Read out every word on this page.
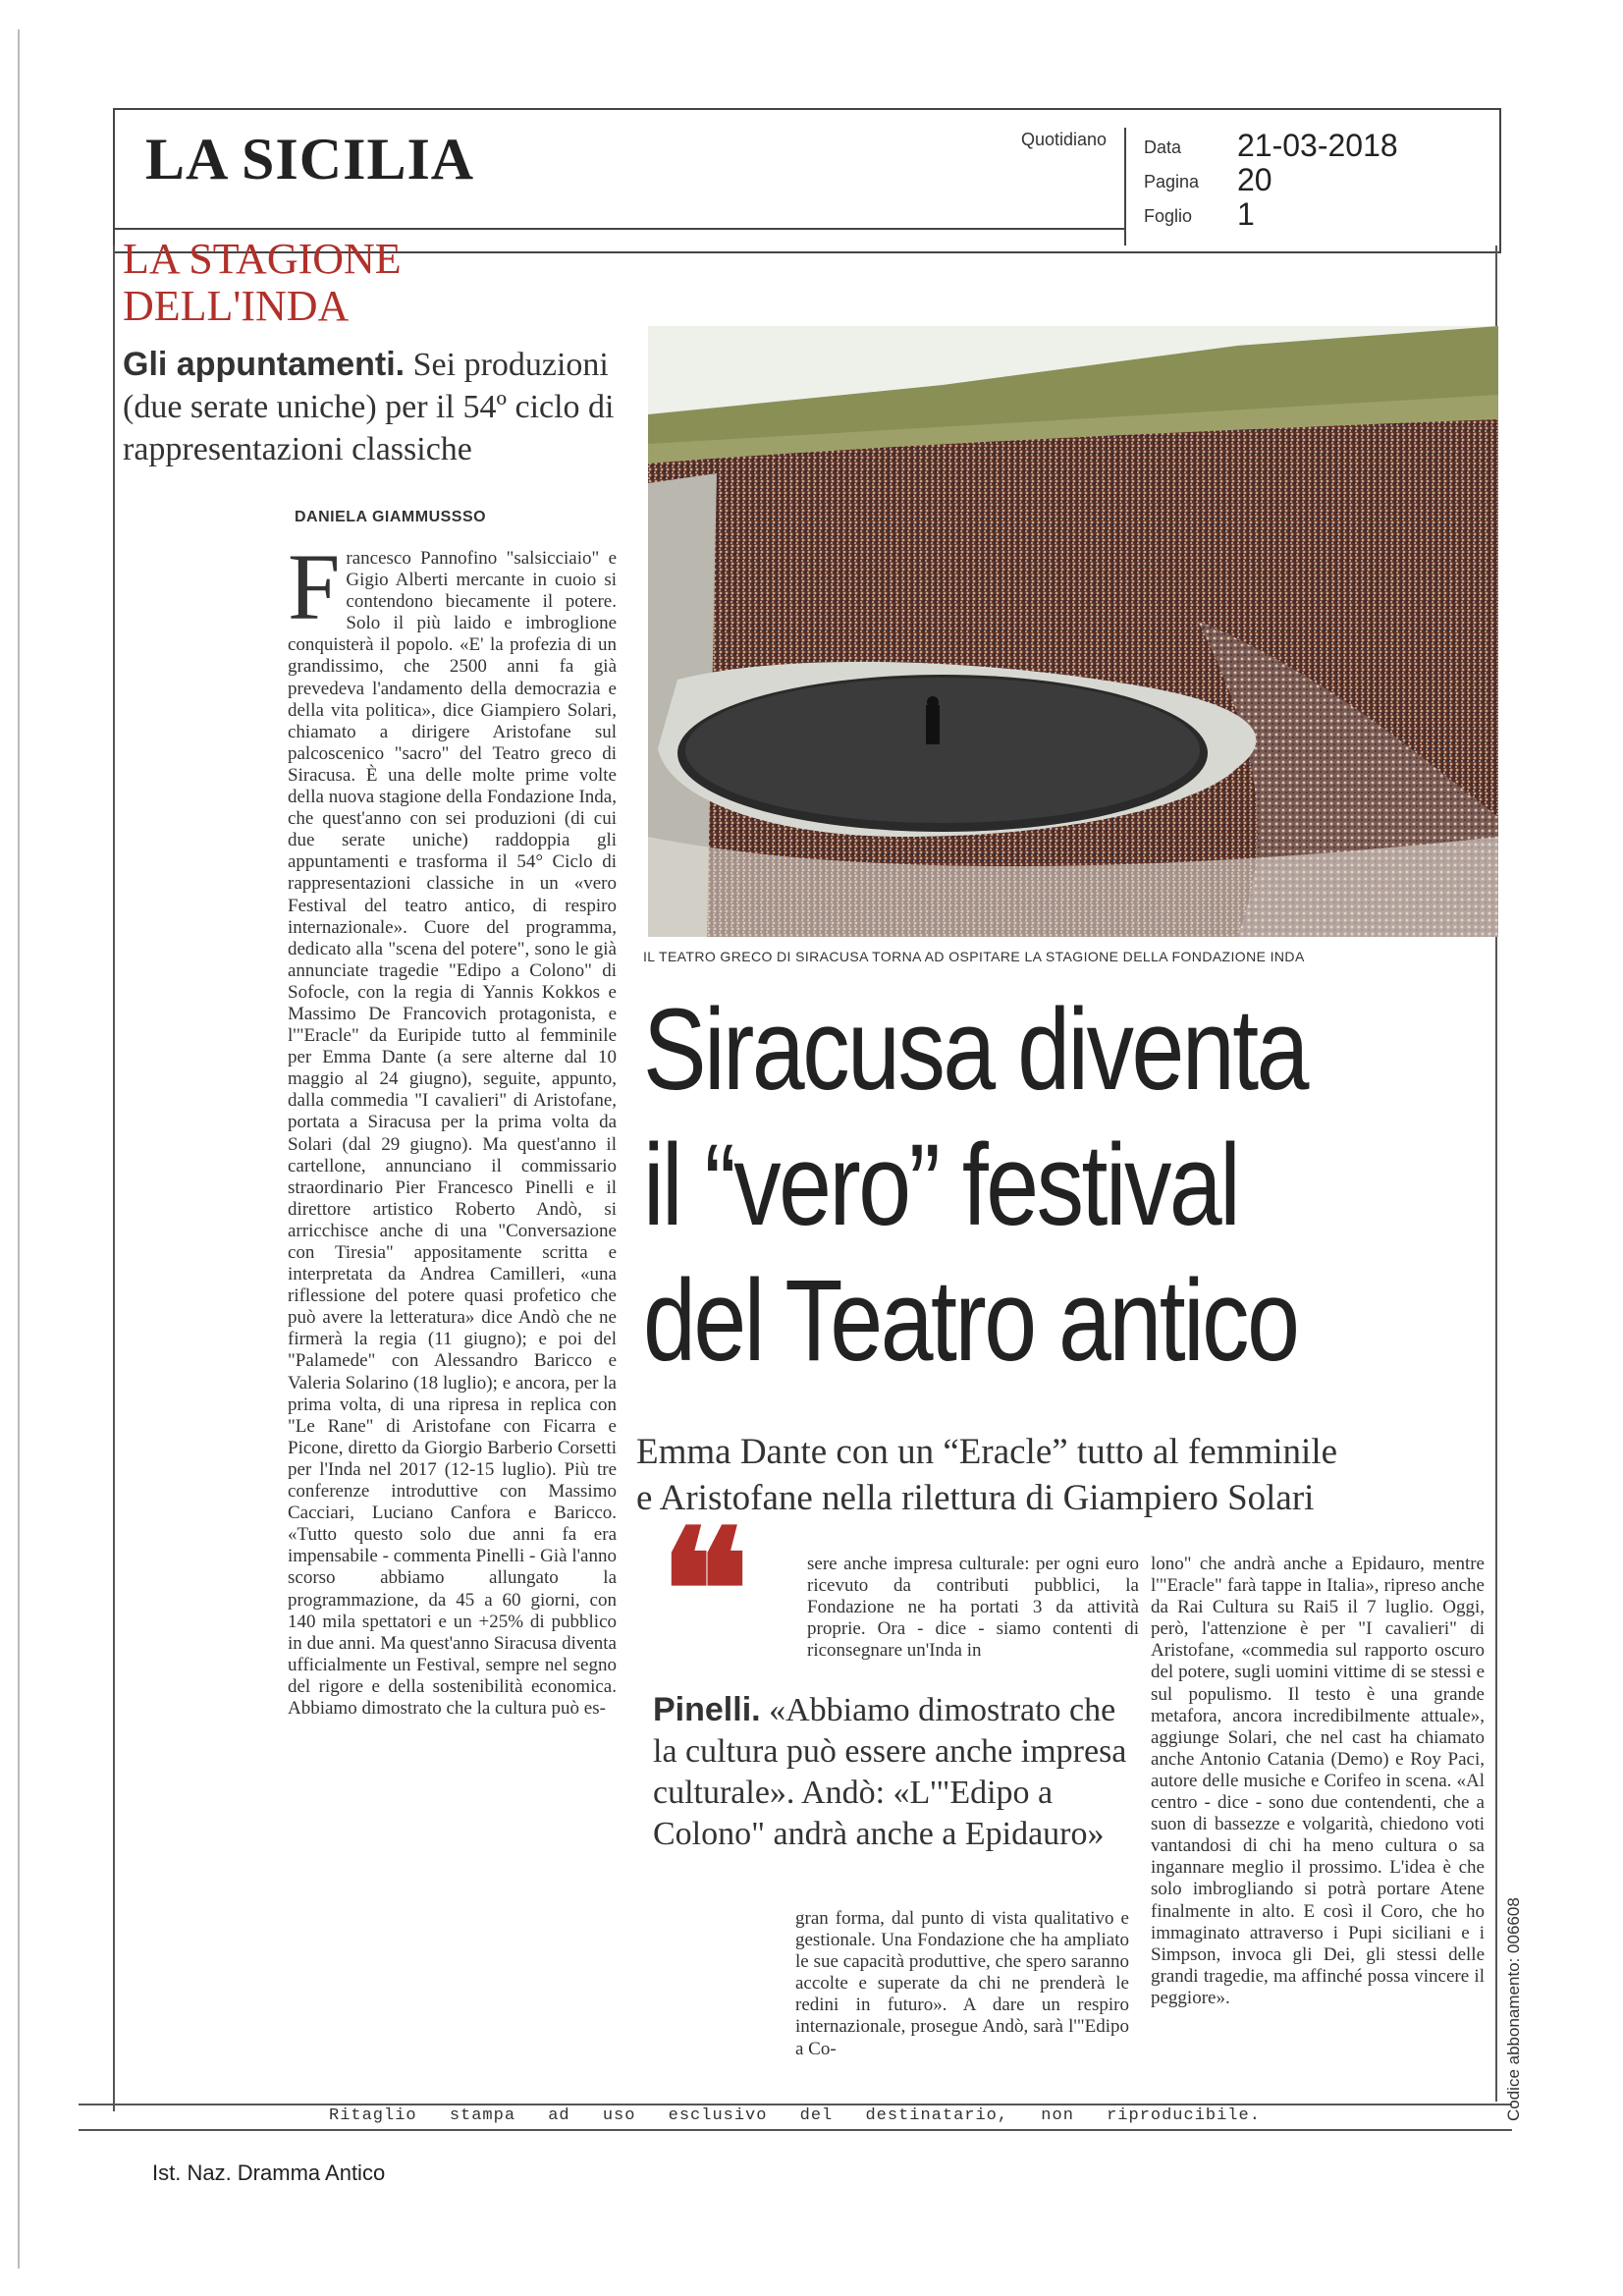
LA SICILIA	Quotidiano Data 21-03-2018
Pagina 20
Foglio 1
LA STAGIONE
DELL'INDA
Gli appuntamenti. Sei produzioni (due serate uniche) per il 54º ciclo di rappresentazioni classiche
DANIELA GIAMMUSSSO
F rancesco Pannofino "salsicciaio" e Gigio Alberti mercante in cuoio si contendono biecamente il potere. Solo il più laido e imbroglione conquisterà il popolo. «E' la profezia di un grandissimo, che 2500 anni fa già prevedeva l'andamento della democrazia e della vita politica», dice Giampiero Solari, chiamato a dirigere Aristofane sul palcoscenico "sacro" del Teatro greco di Siracusa. È una delle molte prime volte della nuova stagione della Fondazione Inda, che quest'anno con sei produzioni (di cui due serate uniche) raddoppia gli appuntamenti e trasforma il 54° Ciclo di rappresentazioni classiche in un «vero Festival del teatro antico, di respiro internazionale». Cuore del programma, dedicato alla "scena del potere", sono le già annunciate tragedie "Edipo a Colono" di Sofocle, con la regia di Yannis Kokkos e Massimo De Francovich protagonista, e l'"Eracle" da Euripide tutto al femminile per Emma Dante (a sere alterne dal 10 maggio al 24 giugno), seguite, appunto, dalla commedia "I cavalieri" di Aristofane, portata a Siracusa per la prima volta da Solari (dal 29 giugno). Ma quest'anno il cartellone, annunciano il commissario straordinario Pier Francesco Pinelli e il direttore artistico Roberto Andò, si arricchisce anche di una "Conversazione con Tiresia" appositamente scritta e interpretata da Andrea Camilleri, «una riflessione del potere quasi profetico che può avere la letteratura» dice Andò che ne firmerà la regia (11 giugno); e poi del "Palamede" con Alessandro Baricco e Valeria Solarino (18 luglio); e ancora, per la prima volta, di una ripresa in replica con "Le Rane" di Aristofane con Ficarra e Picone, diretto da Giorgio Barberio Corsetti per l'Inda nel 2017 (12-15 luglio). Più tre conferenze introduttive con Massimo Cacciari, Luciano Canfora e Baricco. «Tutto questo solo due anni fa era impensabile - commenta Pinelli - Già l'anno scorso abbiamo allungato la programmazione, da 45 a 60 giorni, con 140 mila spettatori e un +25% di pubblico in due anni. Ma quest'anno Siracusa diventa ufficialmente un Festival, sempre nel segno del rigore e della sostenibilità economica. Abbiamo dimostrato che la cultura può es-
IL TEATRO GRECO DI SIRACUSA TORNA AD OSPITARE LA STAGIONE DELLA FONDAZIONE INDA
Siracusa diventa
il “vero” festival
del Teatro antico
Emma Dante con un “Eracle” tutto al femminile
e Aristofane nella rilettura di Giampiero Solari
❝	sere anche impresa culturale: per ogni euro ricevuto da contributi pubblici, la Fondazione ne ha portati 3 da attività proprie. Ora - dice - siamo contenti di riconsegnare un'Inda in
Pinelli. «Abbiamo dimostrato che la cultura può essere anche impresa culturale». Andò: «L'"Edipo a Colono" andrà anche a Epidauro»
gran forma, dal punto di vista qualitativo e gestionale. Una Fondazione che ha ampliato le sue capacità produttive, che spero saranno accolte e superate da chi ne prenderà le redini in futuro». A dare un respiro internazionale, prosegue Andò, sarà l'"Edipo a Co-
lono" che andrà anche a Epidauro, mentre l'"Eracle" farà tappe in Italia», ripreso anche da Rai Cultura su Rai5 il 7 luglio. Oggi, però, l'attenzione è per "I cavalieri" di Aristofane, «commedia sul rapporto oscuro del potere, sugli uomini vittime di se stessi e sul populismo. Il testo è una grande metafora, ancora incredibilmente attuale», aggiunge Solari, che nel cast ha chiamato anche Antonio Catania (Demo) e Roy Paci, autore delle musiche e Corifeo in scena. «Al centro - dice - sono due contendenti, che a suon di bassezze e volgarità, chiedono voti vantandosi di chi ha meno cultura o sa ingannare meglio il prossimo. L'idea è che solo imbrogliando si potrà portare Atene finalmente in alto. E così il Coro, che ho immaginato attraverso i Pupi siciliani e i Simpson, invoca gli Dei, gli stessi delle grandi tragedie, ma affinché possa vincere il peggiore».
Ritaglio stampa ad uso esclusivo del destinatario, non riproducibile.	Codice abbonamento: 006608
Ist. Naz. Dramma Antico
